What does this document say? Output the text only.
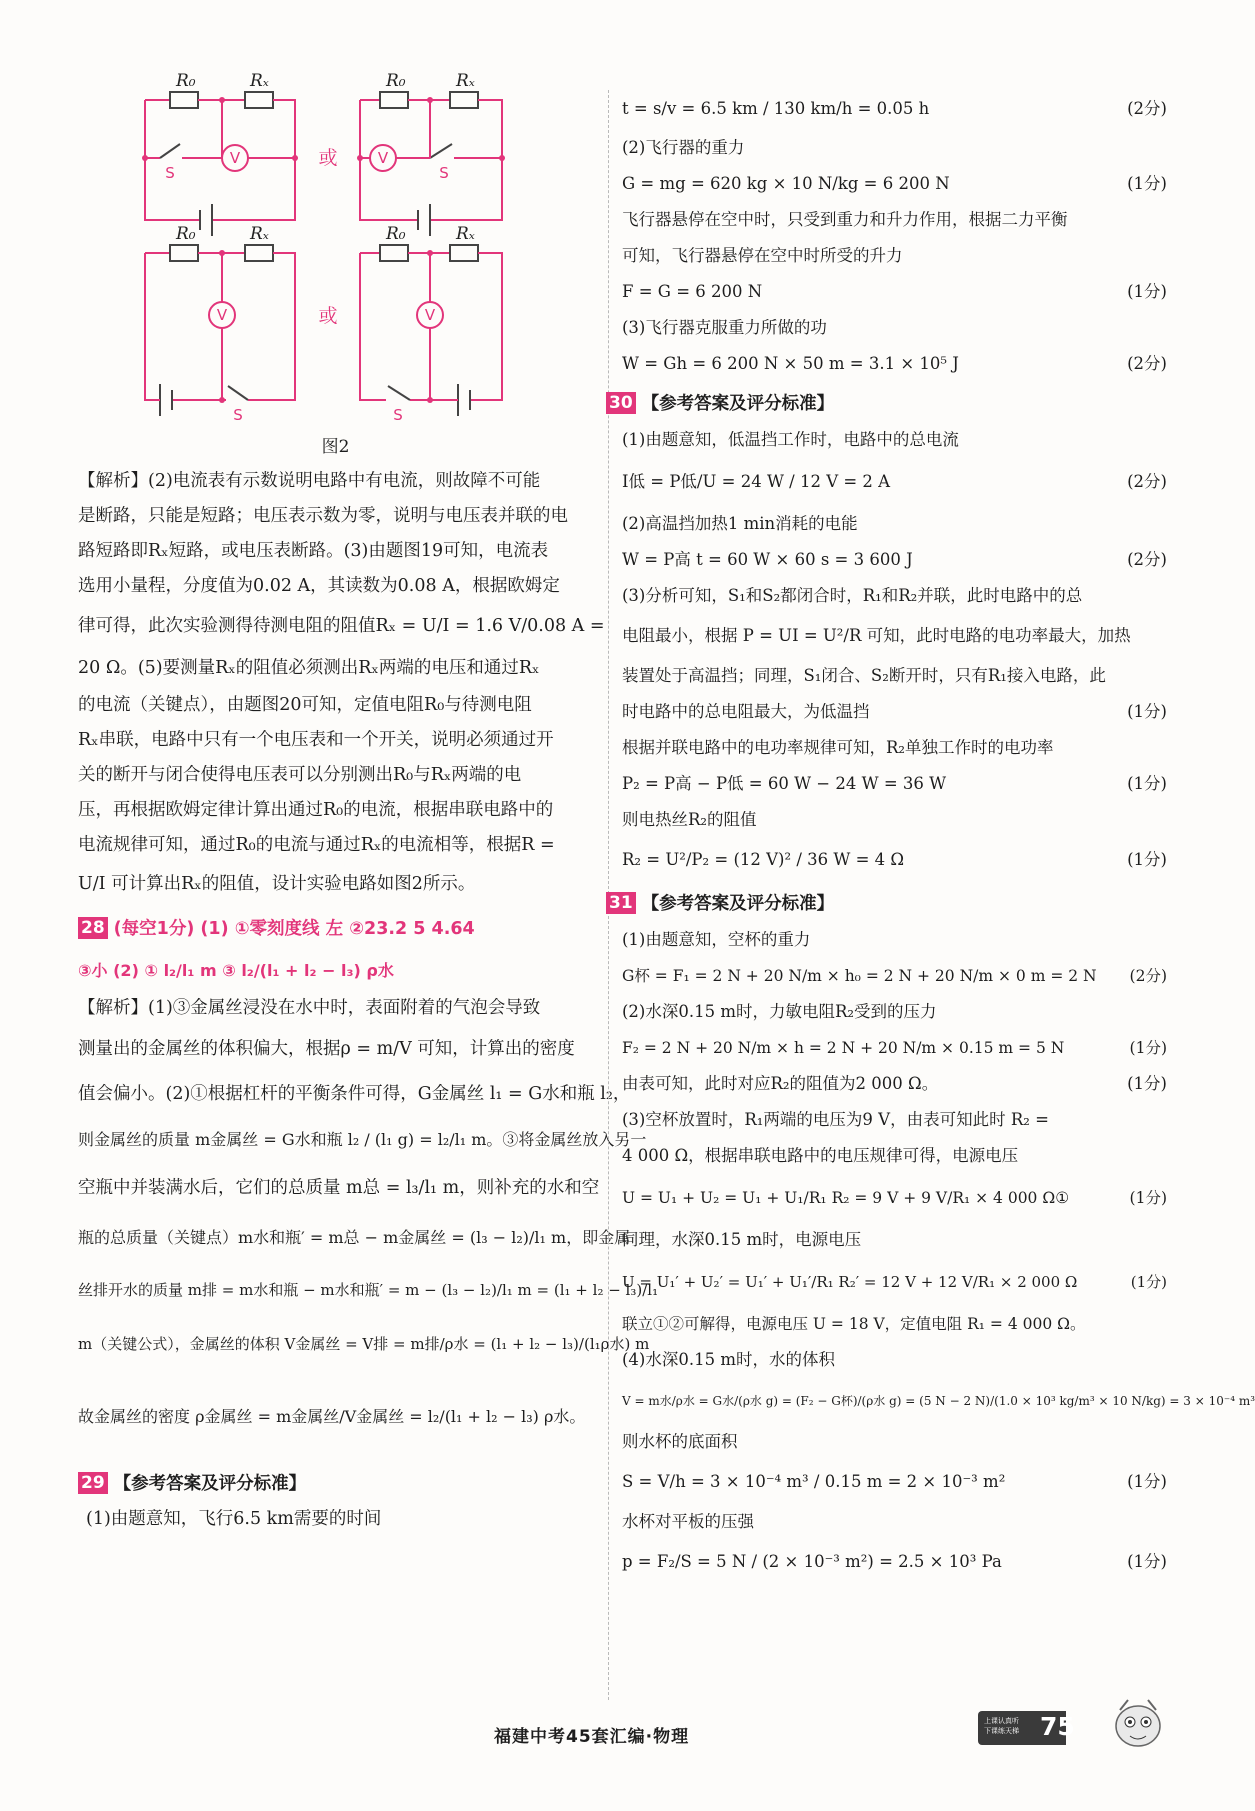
R₀	Rₓ	R₀	Rₓ
R₀	Rₓ	R₀	Rₓ
V	V
V	V
S	S
S	S
或
或
图2
【解析】(2)电流表有示数说明电路中有电流，则故障不可能
是断路，只能是短路；电压表示数为零，说明与电压表并联的电
路短路即Rₓ短路，或电压表断路。(3)由题图19可知，电流表
选用小量程，分度值为0.02 A，其读数为0.08 A，根据欧姆定
律可得，此次实验测得待测电阻的阻值Rₓ = U/I = 1.6 V/0.08 A =
20 Ω。(5)要测量Rₓ的阻值必须测出Rₓ两端的电压和通过Rₓ
的电流（关键点），由题图20可知，定值电阻R₀与待测电阻
Rₓ串联，电路中只有一个电压表和一个开关，说明必须通过开
关的断开与闭合使得电压表可以分别测出R₀与Rₓ两端的电
压，再根据欧姆定律计算出通过R₀的电流，根据串联电路中的
电流规律可知，通过R₀的电流与通过Rₓ的电流相等，根据R =
U/I 可计算出Rₓ的阻值，设计实验电路如图2所示。
28 (每空1分) (1) ①零刻度线 左 ②23.2 5 4.64
③小 (2) ① l₂/l₁ m ③ l₂/(l₁ + l₂ − l₃) ρ水
【解析】(1)③金属丝浸没在水中时，表面附着的气泡会导致
测量出的金属丝的体积偏大，根据ρ = m/V 可知，计算出的密度
值会偏小。(2)①根据杠杆的平衡条件可得，G金属丝 l₁ = G水和瓶 l₂，
则金属丝的质量 m金属丝 = G水和瓶 l₂ / (l₁ g) = l₂/l₁ m。③将金属丝放入另一
空瓶中并装满水后，它们的总质量 m总 = l₃/l₁ m，则补充的水和空
瓶的总质量（关键点）m水和瓶′ = m总 − m金属丝 = (l₃ − l₂)/l₁ m，即金属
丝排开水的质量 m排 = m水和瓶 − m水和瓶′ = m − (l₃ − l₂)/l₁ m = (l₁ + l₂ − l₃)/l₁
m（关键公式），金属丝的体积 V金属丝 = V排 = m排/ρ水 = (l₁ + l₂ − l₃)/(l₁ρ水) m
故金属丝的密度 ρ金属丝 = m金属丝/V金属丝 = l₂/(l₁ + l₂ − l₃) ρ水。
29 【参考答案及评分标准】
(1)由题意知，飞行6.5 km需要的时间
t = s/v = 6.5 km / 130 km/h = 0.05 h	(2分)
(2)飞行器的重力
G = mg = 620 kg × 10 N/kg = 6 200 N	(1分)
飞行器悬停在空中时，只受到重力和升力作用，根据二力平衡
可知，飞行器悬停在空中时所受的升力
F = G = 6 200 N	(1分)
(3)飞行器克服重力所做的功
W = Gh = 6 200 N × 50 m = 3.1 × 10⁵ J	(2分)
30 【参考答案及评分标准】
(1)由题意知，低温挡工作时，电路中的总电流
I低 = P低/U = 24 W / 12 V = 2 A	(2分)
(2)高温挡加热1 min消耗的电能
W = P高 t = 60 W × 60 s = 3 600 J	(2分)
(3)分析可知，S₁和S₂都闭合时，R₁和R₂并联，此时电路中的总
电阻最小，根据 P = UI = U²/R 可知，此时电路的电功率最大，加热
装置处于高温挡；同理，S₁闭合、S₂断开时，只有R₁接入电路，此
时电路中的总电阻最大，为低温挡	(1分)
根据并联电路中的电功率规律可知，R₂单独工作时的电功率
P₂ = P高 − P低 = 60 W − 24 W = 36 W	(1分)
则电热丝R₂的阻值
R₂ = U²/P₂ = (12 V)² / 36 W = 4 Ω	(1分)
31 【参考答案及评分标准】
(1)由题意知，空杯的重力
G杯 = F₁ = 2 N + 20 N/m × h₀ = 2 N + 20 N/m × 0 m = 2 N (2分)
(2)水深0.15 m时，力敏电阻R₂受到的压力
F₂ = 2 N + 20 N/m × h = 2 N + 20 N/m × 0.15 m = 5 N	(1分)
由表可知，此时对应R₂的阻值为2 000 Ω。	(1分)
(3)空杯放置时，R₁两端的电压为9 V，由表可知此时 R₂ =
4 000 Ω，根据串联电路中的电压规律可得，电源电压
U = U₁ + U₂ = U₁ + U₁/R₁ R₂ = 9 V + 9 V/R₁ × 4 000 Ω①	(1分)
同理，水深0.15 m时，电源电压
U = U₁′ + U₂′ = U₁′ + U₁′/R₁ R₂′ = 12 V + 12 V/R₁ × 2 000 Ω	(1分)
联立①②可解得，电源电压 U = 18 V，定值电阻 R₁ = 4 000 Ω。
(4)水深0.15 m时，水的体积
V = m水/ρ水 = G水/(ρ水 g) = (F₂ − G杯)/(ρ水 g) = (5 N − 2 N)/(1.0 × 10³ kg/m³ × 10 N/kg) = 3 × 10⁻⁴ m³
则水杯的底面积
S = V/h = 3 × 10⁻⁴ m³ / 0.15 m = 2 × 10⁻³ m²	(1分)
水杯对平板的压强
p = F₂/S = 5 N / (2 × 10⁻³ m²) = 2.5 × 10³ Pa	(1分)
福建中考45套汇编·物理
上课认真听
下课练天梯 75
